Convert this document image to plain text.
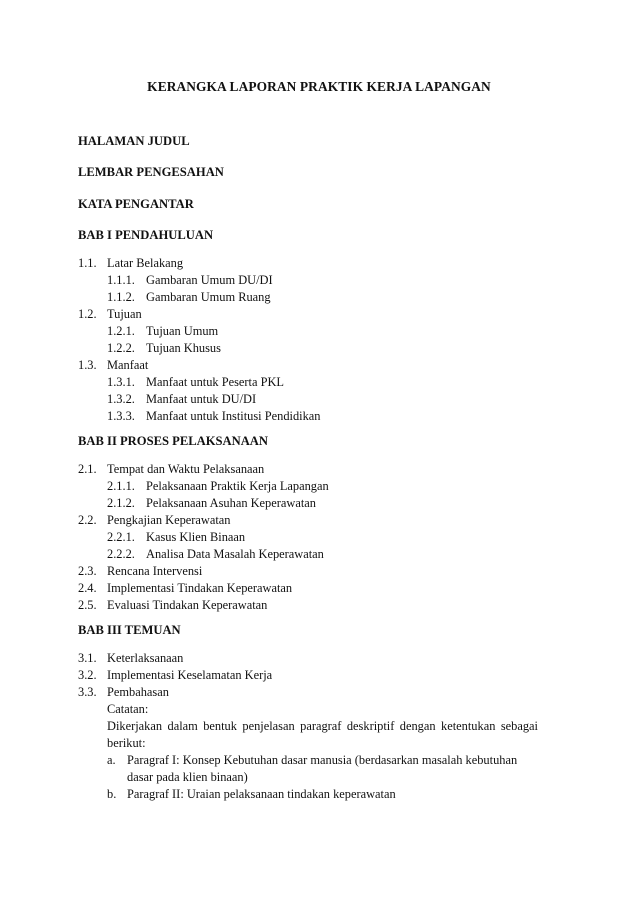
KERANGKA LAPORAN PRAKTIK KERJA LAPANGAN
HALAMAN JUDUL
LEMBAR PENGESAHAN
KATA PENGANTAR
BAB I PENDAHULUAN
1.1. Latar Belakang
1.1.1. Gambaran Umum DU/DI
1.1.2. Gambaran Umum Ruang
1.2. Tujuan
1.2.1. Tujuan Umum
1.2.2. Tujuan Khusus
1.3. Manfaat
1.3.1. Manfaat untuk Peserta PKL
1.3.2. Manfaat untuk DU/DI
1.3.3. Manfaat untuk Institusi Pendidikan
BAB II PROSES PELAKSANAAN
2.1. Tempat dan Waktu Pelaksanaan
2.1.1. Pelaksanaan Praktik Kerja Lapangan
2.1.2. Pelaksanaan Asuhan Keperawatan
2.2. Pengkajian Keperawatan
2.2.1. Kasus Klien Binaan
2.2.2. Analisa Data Masalah Keperawatan
2.3. Rencana Intervensi
2.4. Implementasi Tindakan Keperawatan
2.5. Evaluasi Tindakan Keperawatan
BAB III TEMUAN
3.1. Keterlaksanaan
3.2. Implementasi Keselamatan Kerja
3.3. Pembahasan
Catatan:
Dikerjakan dalam bentuk penjelasan paragraf deskriptif dengan ketentukan sebagai
berikut:
a. Paragraf I: Konsep Kebutuhan dasar manusia (berdasarkan masalah kebutuhan
dasar pada klien binaan)
b. Paragraf II: Uraian pelaksanaan tindakan keperawatan
